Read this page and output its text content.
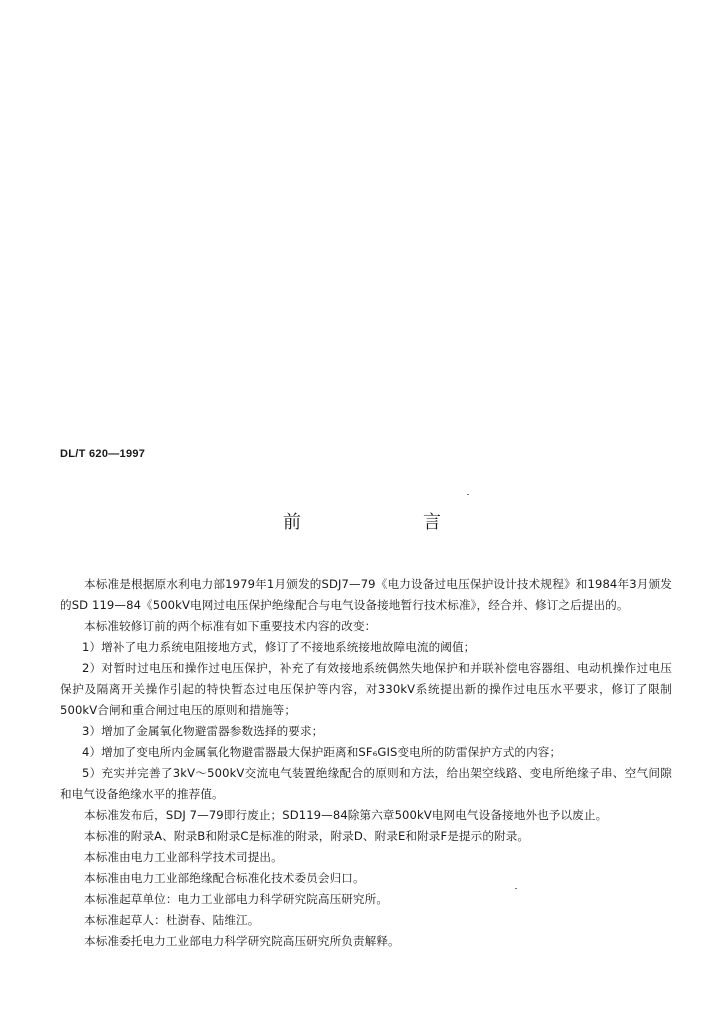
DL/T 620—1997
前　言

本标准是根据原水利电力部1979年1月颁发的SDJ7—79《电力设备过电压保护设计技术规程》和1984年3月颁发的SD 119—84《500kV电网过电压保护绝缘配合与电气设备接地暂行技术标准》，经合并、修订之后提出的。

本标准较修订前的两个标准有如下重要技术内容的改变：

1）增补了电力系统电阻接地方式，修订了不接地系统接地故障电流的阈值；

2）对暂时过电压和操作过电压保护，补充了有效接地系统偶然失地保护和并联补偿电容器组、电动机操作过电压保护及隔离开关操作引起的特快暂态过电压保护等内容，对330kV系统提出新的操作过电压水平要求，修订了限制500kV合闸和重合闸过电压的原则和措施等；

3）增加了金属氧化物避雷器参数选择的要求；

4）增加了变电所内金属氧化物避雷器最大保护距离和SF₆GIS变电所的防雷保护方式的内容；

5）充实并完善了3kV～500kV交流电气装置绝缘配合的原则和方法，给出架空线路、变电所绝缘子串、空气间隙和电气设备绝缘水平的推荐值。

本标准发布后，SDJ 7—79即行废止；SD119—84除第六章500kV电网电气设备接地外也予以废止。

本标准的附录A、附录B和附录C是标准的附录，附录D、附录E和附录F是提示的附录。

本标准由电力工业部科学技术司提出。

本标准由电力工业部绝缘配合标准化技术委员会归口。

本标准起草单位：电力工业部电力科学研究院高压研究所。

本标准起草人：杜澍春、陆维江。

本标准委托电力工业部电力科学研究院高压研究所负责解释。
